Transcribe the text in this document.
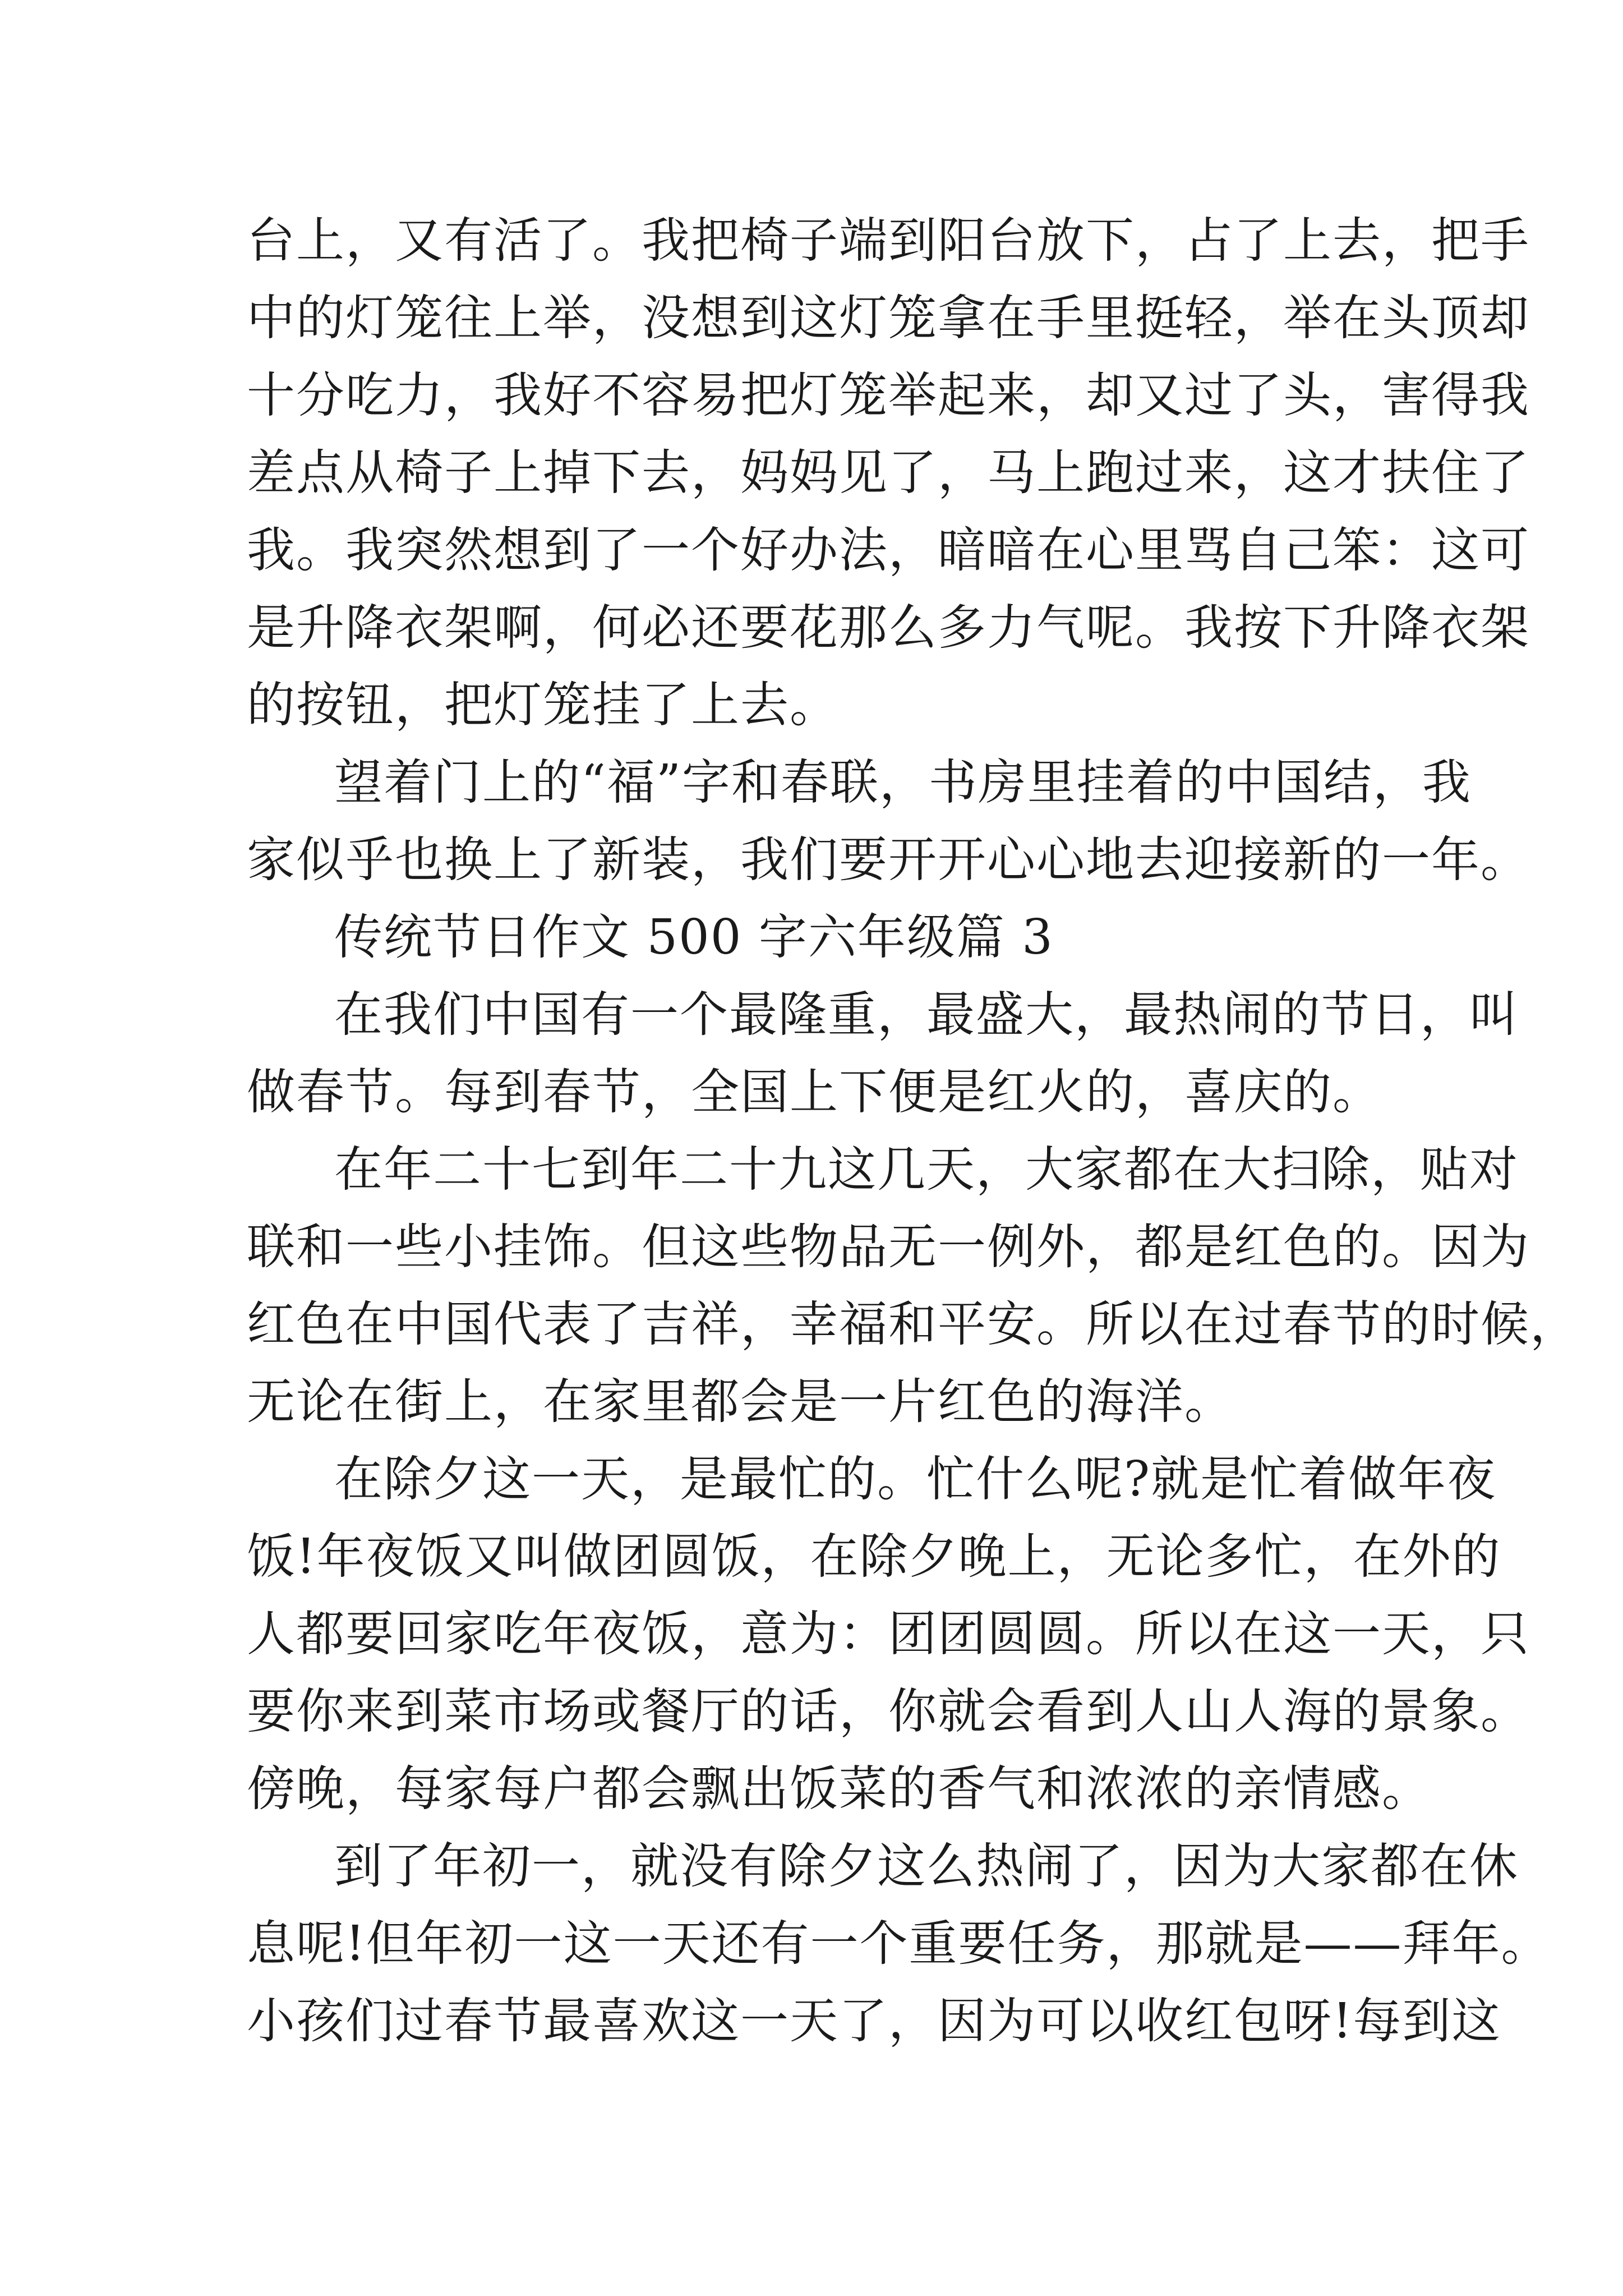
台上，又有活了。我把椅子端到阳台放下，占了上去，把手
中的灯笼往上举，没想到这灯笼拿在手里挺轻，举在头顶却
十分吃力，我好不容易把灯笼举起来，却又过了头，害得我
差点从椅子上掉下去，妈妈见了，马上跑过来，这才扶住了
我。我突然想到了一个好办法，暗暗在心里骂自己笨：这可
是升降衣架啊，何必还要花那么多力气呢。我按下升降衣架
的按钮，把灯笼挂了上去。
望着门上的“福”字和春联，书房里挂着的中国结，我
家似乎也换上了新装，我们要开开心心地去迎接新的一年。
传统节日作文 500 字六年级篇 3
在我们中国有一个最隆重，最盛大，最热闹的节日，叫
做春节。每到春节，全国上下便是红火的，喜庆的。
在年二十七到年二十九这几天，大家都在大扫除，贴对
联和一些小挂饰。但这些物品无一例外，都是红色的。因为
红色在中国代表了吉祥，幸福和平安。所以在过春节的时候，
无论在街上，在家里都会是一片红色的海洋。
在除夕这一天，是最忙的。忙什么呢?就是忙着做年夜
饭!年夜饭又叫做团圆饭，在除夕晚上，无论多忙，在外的
人都要回家吃年夜饭，意为：团团圆圆。所以在这一天，只
要你来到菜市场或餐厅的话，你就会看到人山人海的景象。
傍晚，每家每户都会飘出饭菜的香气和浓浓的亲情感。
到了年初一，就没有除夕这么热闹了，因为大家都在休
息呢!但年初一这一天还有一个重要任务，那就是——拜年。
小孩们过春节最喜欢这一天了，因为可以收红包呀!每到这
